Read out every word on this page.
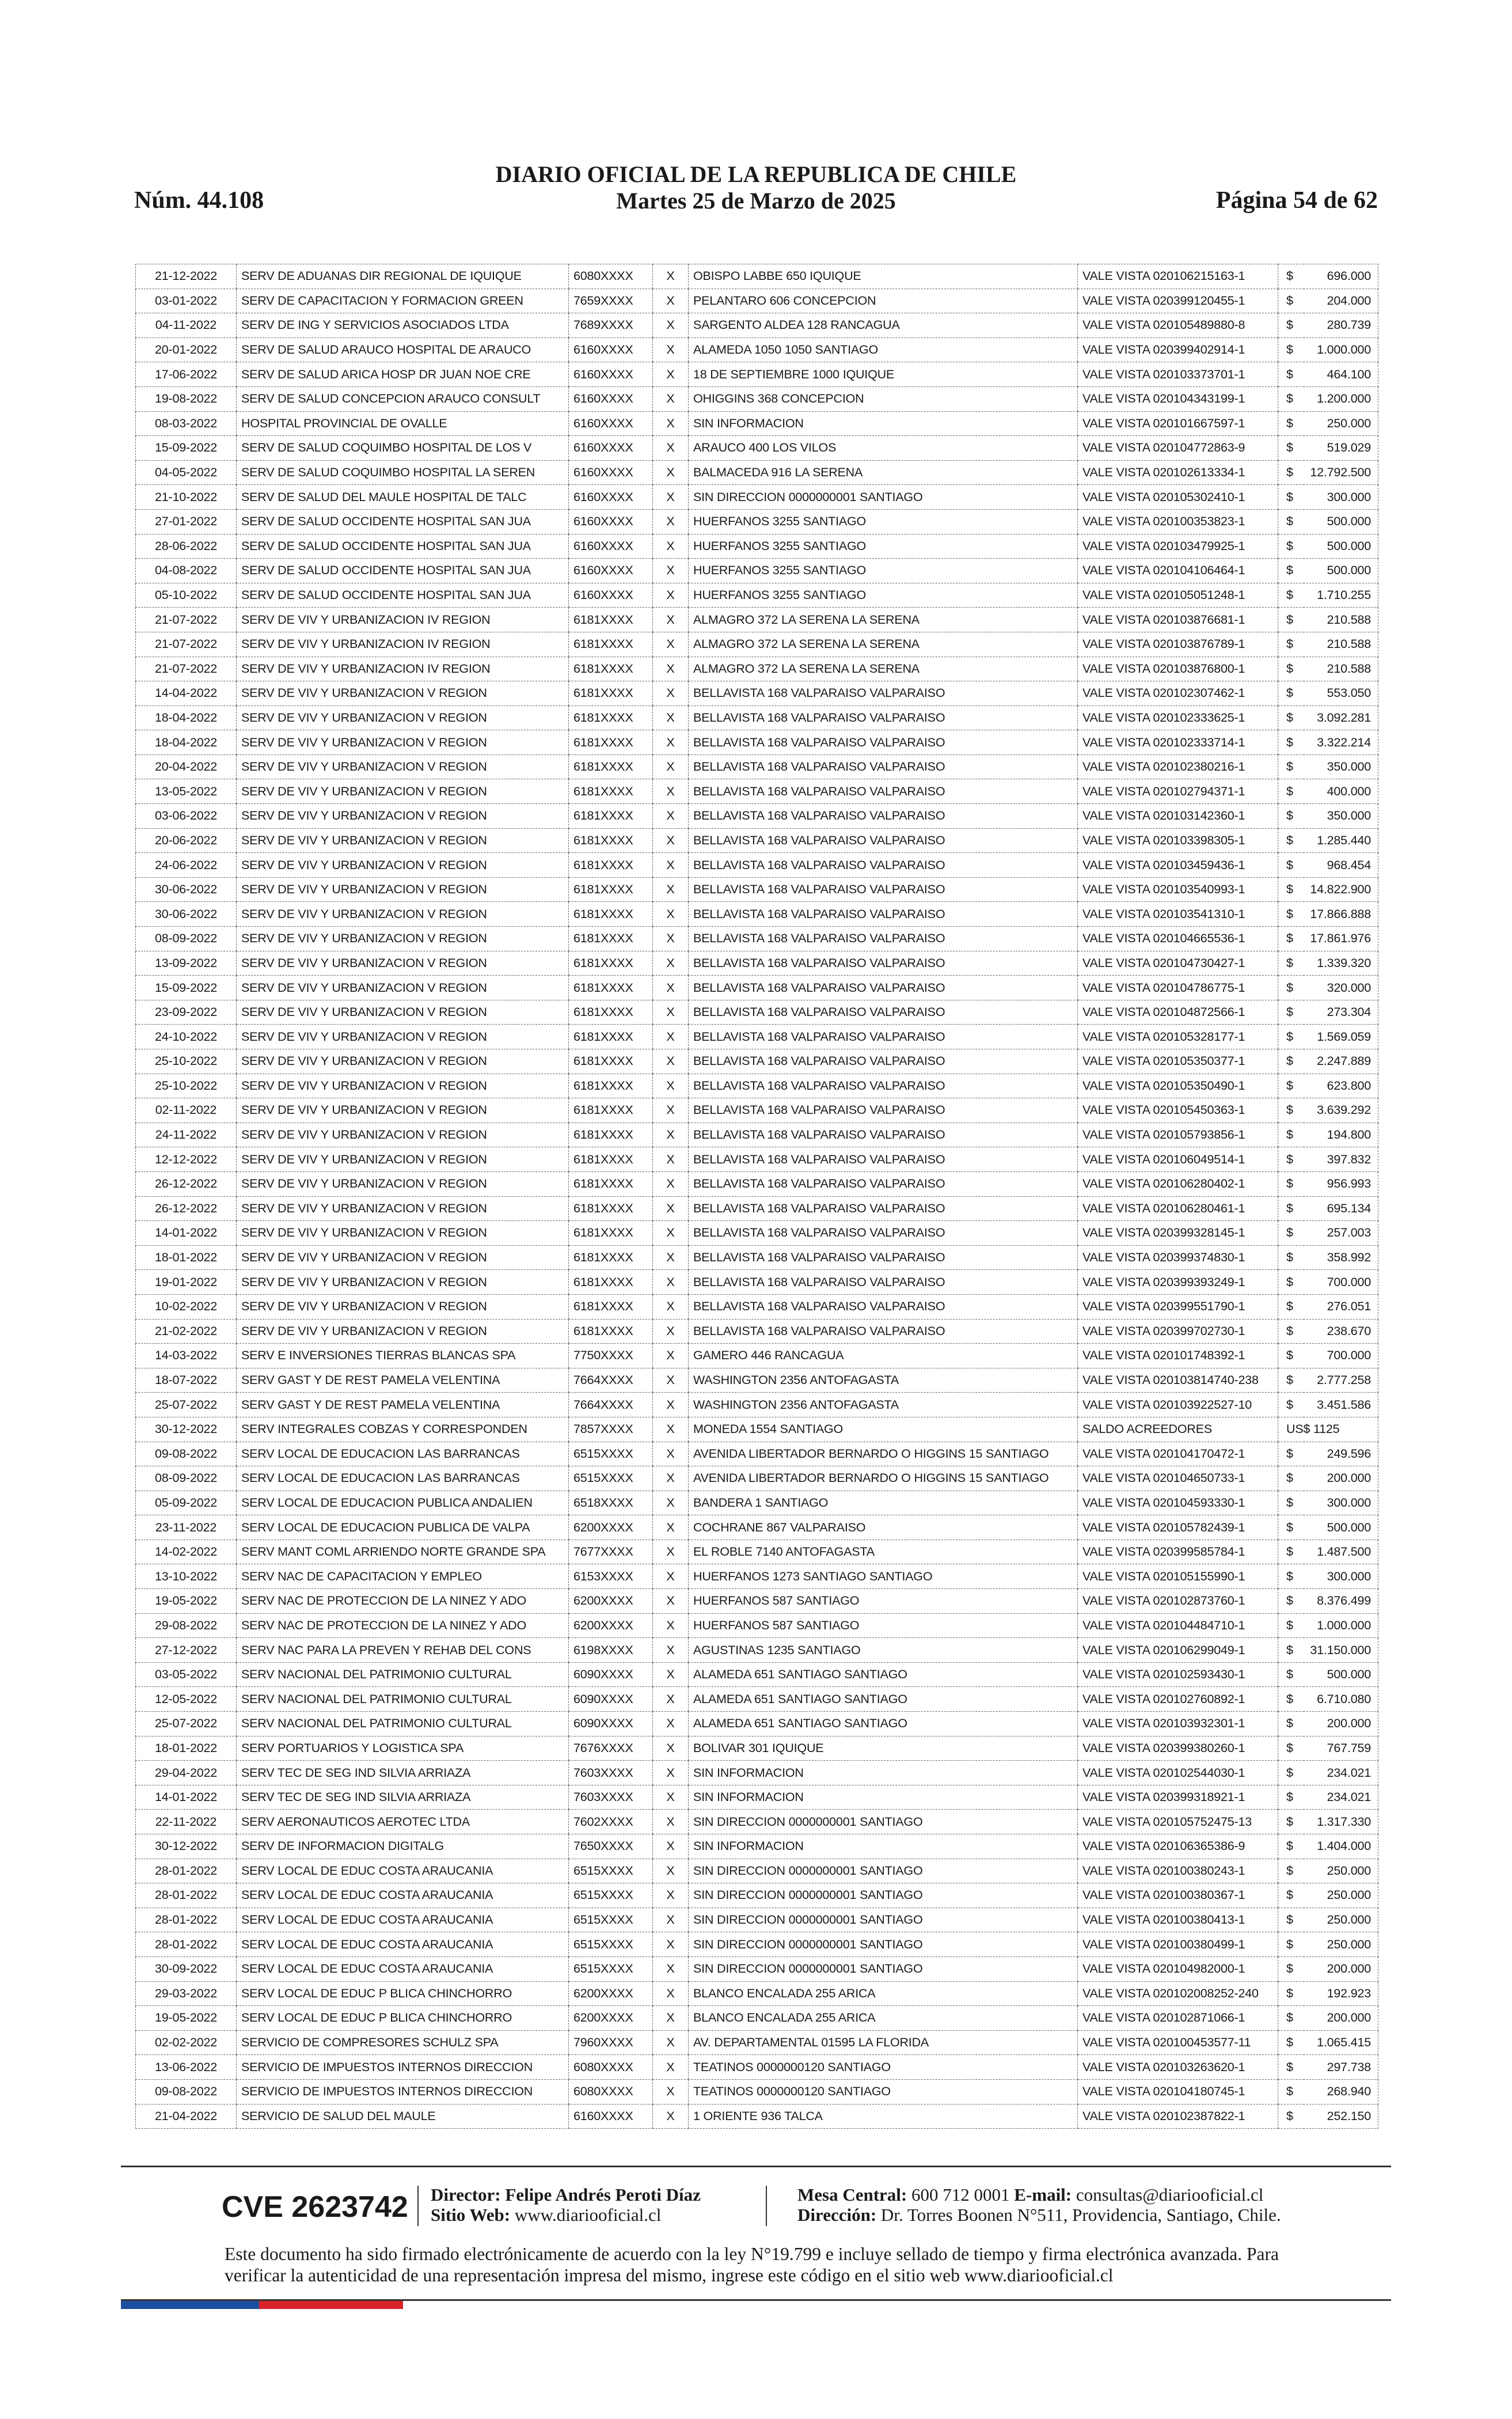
DIARIO OFICIAL DE LA REPUBLICA DE CHILE
Martes 25 de Marzo de 2025
Núm. 44.108	Página 54 de 62
21-12-2022	SERV DE ADUANAS DIR REGIONAL DE IQUIQUE	6080XXXX	X	OBISPO LABBE 650 IQUIQUE	VALE VISTA 020106215163-1	$	696.000
03-01-2022	SERV DE CAPACITACION Y FORMACION GREEN	7659XXXX	X	PELANTARO 606 CONCEPCION	VALE VISTA 020399120455-1	$	204.000
04-11-2022	SERV DE ING Y SERVICIOS ASOCIADOS LTDA	7689XXXX	X	SARGENTO ALDEA 128 RANCAGUA	VALE VISTA 020105489880-8	$	280.739
20-01-2022	SERV DE SALUD ARAUCO HOSPITAL DE ARAUCO	6160XXXX	X	ALAMEDA 1050 1050 SANTIAGO	VALE VISTA 020399402914-1	$	1.000.000
17-06-2022	SERV DE SALUD ARICA HOSP DR JUAN NOE CRE	6160XXXX	X	18 DE SEPTIEMBRE 1000 IQUIQUE	VALE VISTA 020103373701-1	$	464.100
19-08-2022	SERV DE SALUD CONCEPCION ARAUCO CONSULT	6160XXXX	X	OHIGGINS 368 CONCEPCION	VALE VISTA 020104343199-1	$	1.200.000
08-03-2022	HOSPITAL PROVINCIAL DE OVALLE	6160XXXX	X	SIN INFORMACION	VALE VISTA 020101667597-1	$	250.000
15-09-2022	SERV DE SALUD COQUIMBO HOSPITAL DE LOS V	6160XXXX	X	ARAUCO 400 LOS VILOS	VALE VISTA 020104772863-9	$	519.029
04-05-2022	SERV DE SALUD COQUIMBO HOSPITAL LA SEREN	6160XXXX	X	BALMACEDA 916 LA SERENA	VALE VISTA 020102613334-1	$	12.792.500
21-10-2022	SERV DE SALUD DEL MAULE HOSPITAL DE TALC	6160XXXX	X	SIN DIRECCION 0000000001 SANTIAGO	VALE VISTA 020105302410-1	$	300.000
27-01-2022	SERV DE SALUD OCCIDENTE HOSPITAL SAN JUA	6160XXXX	X	HUERFANOS 3255 SANTIAGO	VALE VISTA 020100353823-1	$	500.000
28-06-2022	SERV DE SALUD OCCIDENTE HOSPITAL SAN JUA	6160XXXX	X	HUERFANOS 3255 SANTIAGO	VALE VISTA 020103479925-1	$	500.000
04-08-2022	SERV DE SALUD OCCIDENTE HOSPITAL SAN JUA	6160XXXX	X	HUERFANOS 3255 SANTIAGO	VALE VISTA 020104106464-1	$	500.000
05-10-2022	SERV DE SALUD OCCIDENTE HOSPITAL SAN JUA	6160XXXX	X	HUERFANOS 3255 SANTIAGO	VALE VISTA 020105051248-1	$	1.710.255
21-07-2022	SERV DE VIV Y URBANIZACION IV REGION	6181XXXX	X	ALMAGRO 372 LA SERENA LA SERENA	VALE VISTA 020103876681-1	$	210.588
21-07-2022	SERV DE VIV Y URBANIZACION IV REGION	6181XXXX	X	ALMAGRO 372 LA SERENA LA SERENA	VALE VISTA 020103876789-1	$	210.588
21-07-2022	SERV DE VIV Y URBANIZACION IV REGION	6181XXXX	X	ALMAGRO 372 LA SERENA LA SERENA	VALE VISTA 020103876800-1	$	210.588
14-04-2022	SERV DE VIV Y URBANIZACION V REGION	6181XXXX	X	BELLAVISTA 168 VALPARAISO VALPARAISO	VALE VISTA 020102307462-1	$	553.050
18-04-2022	SERV DE VIV Y URBANIZACION V REGION	6181XXXX	X	BELLAVISTA 168 VALPARAISO VALPARAISO	VALE VISTA 020102333625-1	$	3.092.281
18-04-2022	SERV DE VIV Y URBANIZACION V REGION	6181XXXX	X	BELLAVISTA 168 VALPARAISO VALPARAISO	VALE VISTA 020102333714-1	$	3.322.214
20-04-2022	SERV DE VIV Y URBANIZACION V REGION	6181XXXX	X	BELLAVISTA 168 VALPARAISO VALPARAISO	VALE VISTA 020102380216-1	$	350.000
13-05-2022	SERV DE VIV Y URBANIZACION V REGION	6181XXXX	X	BELLAVISTA 168 VALPARAISO VALPARAISO	VALE VISTA 020102794371-1	$	400.000
03-06-2022	SERV DE VIV Y URBANIZACION V REGION	6181XXXX	X	BELLAVISTA 168 VALPARAISO VALPARAISO	VALE VISTA 020103142360-1	$	350.000
20-06-2022	SERV DE VIV Y URBANIZACION V REGION	6181XXXX	X	BELLAVISTA 168 VALPARAISO VALPARAISO	VALE VISTA 020103398305-1	$	1.285.440
24-06-2022	SERV DE VIV Y URBANIZACION V REGION	6181XXXX	X	BELLAVISTA 168 VALPARAISO VALPARAISO	VALE VISTA 020103459436-1	$	968.454
30-06-2022	SERV DE VIV Y URBANIZACION V REGION	6181XXXX	X	BELLAVISTA 168 VALPARAISO VALPARAISO	VALE VISTA 020103540993-1	$	14.822.900
30-06-2022	SERV DE VIV Y URBANIZACION V REGION	6181XXXX	X	BELLAVISTA 168 VALPARAISO VALPARAISO	VALE VISTA 020103541310-1	$	17.866.888
08-09-2022	SERV DE VIV Y URBANIZACION V REGION	6181XXXX	X	BELLAVISTA 168 VALPARAISO VALPARAISO	VALE VISTA 020104665536-1	$	17.861.976
13-09-2022	SERV DE VIV Y URBANIZACION V REGION	6181XXXX	X	BELLAVISTA 168 VALPARAISO VALPARAISO	VALE VISTA 020104730427-1	$	1.339.320
15-09-2022	SERV DE VIV Y URBANIZACION V REGION	6181XXXX	X	BELLAVISTA 168 VALPARAISO VALPARAISO	VALE VISTA 020104786775-1	$	320.000
23-09-2022	SERV DE VIV Y URBANIZACION V REGION	6181XXXX	X	BELLAVISTA 168 VALPARAISO VALPARAISO	VALE VISTA 020104872566-1	$	273.304
24-10-2022	SERV DE VIV Y URBANIZACION V REGION	6181XXXX	X	BELLAVISTA 168 VALPARAISO VALPARAISO	VALE VISTA 020105328177-1	$	1.569.059
25-10-2022	SERV DE VIV Y URBANIZACION V REGION	6181XXXX	X	BELLAVISTA 168 VALPARAISO VALPARAISO	VALE VISTA 020105350377-1	$	2.247.889
25-10-2022	SERV DE VIV Y URBANIZACION V REGION	6181XXXX	X	BELLAVISTA 168 VALPARAISO VALPARAISO	VALE VISTA 020105350490-1	$	623.800
02-11-2022	SERV DE VIV Y URBANIZACION V REGION	6181XXXX	X	BELLAVISTA 168 VALPARAISO VALPARAISO	VALE VISTA 020105450363-1	$	3.639.292
24-11-2022	SERV DE VIV Y URBANIZACION V REGION	6181XXXX	X	BELLAVISTA 168 VALPARAISO VALPARAISO	VALE VISTA 020105793856-1	$	194.800
12-12-2022	SERV DE VIV Y URBANIZACION V REGION	6181XXXX	X	BELLAVISTA 168 VALPARAISO VALPARAISO	VALE VISTA 020106049514-1	$	397.832
26-12-2022	SERV DE VIV Y URBANIZACION V REGION	6181XXXX	X	BELLAVISTA 168 VALPARAISO VALPARAISO	VALE VISTA 020106280402-1	$	956.993
26-12-2022	SERV DE VIV Y URBANIZACION V REGION	6181XXXX	X	BELLAVISTA 168 VALPARAISO VALPARAISO	VALE VISTA 020106280461-1	$	695.134
14-01-2022	SERV DE VIV Y URBANIZACION V REGION	6181XXXX	X	BELLAVISTA 168 VALPARAISO VALPARAISO	VALE VISTA 020399328145-1	$	257.003
18-01-2022	SERV DE VIV Y URBANIZACION V REGION	6181XXXX	X	BELLAVISTA 168 VALPARAISO VALPARAISO	VALE VISTA 020399374830-1	$	358.992
19-01-2022	SERV DE VIV Y URBANIZACION V REGION	6181XXXX	X	BELLAVISTA 168 VALPARAISO VALPARAISO	VALE VISTA 020399393249-1	$	700.000
10-02-2022	SERV DE VIV Y URBANIZACION V REGION	6181XXXX	X	BELLAVISTA 168 VALPARAISO VALPARAISO	VALE VISTA 020399551790-1	$	276.051
21-02-2022	SERV DE VIV Y URBANIZACION V REGION	6181XXXX	X	BELLAVISTA 168 VALPARAISO VALPARAISO	VALE VISTA 020399702730-1	$	238.670
14-03-2022	SERV E INVERSIONES TIERRAS BLANCAS SPA	7750XXXX	X	GAMERO 446 RANCAGUA	VALE VISTA 020101748392-1	$	700.000
18-07-2022	SERV GAST Y DE REST PAMELA VELENTINA	7664XXXX	X	WASHINGTON 2356 ANTOFAGASTA	VALE VISTA 020103814740-238	$	2.777.258
25-07-2022	SERV GAST Y DE REST PAMELA VELENTINA	7664XXXX	X	WASHINGTON 2356 ANTOFAGASTA	VALE VISTA 020103922527-10	$	3.451.586
30-12-2022	SERV INTEGRALES COBZAS Y CORRESPONDEN	7857XXXX	X	MONEDA 1554 SANTIAGO	SALDO ACREEDORES	US$ 1125	
09-08-2022	SERV LOCAL DE EDUCACION LAS BARRANCAS	6515XXXX	X	AVENIDA LIBERTADOR BERNARDO O HIGGINS 15 SANTIAGO	VALE VISTA 020104170472-1	$	249.596
08-09-2022	SERV LOCAL DE EDUCACION LAS BARRANCAS	6515XXXX	X	AVENIDA LIBERTADOR BERNARDO O HIGGINS 15 SANTIAGO	VALE VISTA 020104650733-1	$	200.000
05-09-2022	SERV LOCAL DE EDUCACION PUBLICA ANDALIEN	6518XXXX	X	BANDERA 1 SANTIAGO	VALE VISTA 020104593330-1	$	300.000
23-11-2022	SERV LOCAL DE EDUCACION PUBLICA DE VALPA	6200XXXX	X	COCHRANE 867 VALPARAISO	VALE VISTA 020105782439-1	$	500.000
14-02-2022	SERV MANT COML ARRIENDO NORTE GRANDE SPA	7677XXXX	X	EL ROBLE 7140 ANTOFAGASTA	VALE VISTA 020399585784-1	$	1.487.500
13-10-2022	SERV NAC DE CAPACITACION Y EMPLEO	6153XXXX	X	HUERFANOS 1273 SANTIAGO SANTIAGO	VALE VISTA 020105155990-1	$	300.000
19-05-2022	SERV NAC DE PROTECCION DE LA NINEZ Y ADO	6200XXXX	X	HUERFANOS 587 SANTIAGO	VALE VISTA 020102873760-1	$	8.376.499
29-08-2022	SERV NAC DE PROTECCION DE LA NINEZ Y ADO	6200XXXX	X	HUERFANOS 587 SANTIAGO	VALE VISTA 020104484710-1	$	1.000.000
27-12-2022	SERV NAC PARA LA PREVEN Y REHAB DEL CONS	6198XXXX	X	AGUSTINAS 1235 SANTIAGO	VALE VISTA 020106299049-1	$	31.150.000
03-05-2022	SERV NACIONAL DEL PATRIMONIO CULTURAL	6090XXXX	X	ALAMEDA 651 SANTIAGO SANTIAGO	VALE VISTA 020102593430-1	$	500.000
12-05-2022	SERV NACIONAL DEL PATRIMONIO CULTURAL	6090XXXX	X	ALAMEDA 651 SANTIAGO SANTIAGO	VALE VISTA 020102760892-1	$	6.710.080
25-07-2022	SERV NACIONAL DEL PATRIMONIO CULTURAL	6090XXXX	X	ALAMEDA 651 SANTIAGO SANTIAGO	VALE VISTA 020103932301-1	$	200.000
18-01-2022	SERV PORTUARIOS Y LOGISTICA SPA	7676XXXX	X	BOLIVAR 301 IQUIQUE	VALE VISTA 020399380260-1	$	767.759
29-04-2022	SERV TEC DE SEG IND SILVIA ARRIAZA	7603XXXX	X	SIN INFORMACION	VALE VISTA 020102544030-1	$	234.021
14-01-2022	SERV TEC DE SEG IND SILVIA ARRIAZA	7603XXXX	X	SIN INFORMACION	VALE VISTA 020399318921-1	$	234.021
22-11-2022	SERV AERONAUTICOS AEROTEC LTDA	7602XXXX	X	SIN DIRECCION 0000000001 SANTIAGO	VALE VISTA 020105752475-13	$	1.317.330
30-12-2022	SERV DE INFORMACION DIGITALG	7650XXXX	X	SIN INFORMACION	VALE VISTA 020106365386-9	$	1.404.000
28-01-2022	SERV LOCAL DE EDUC COSTA ARAUCANIA	6515XXXX	X	SIN DIRECCION 0000000001 SANTIAGO	VALE VISTA 020100380243-1	$	250.000
28-01-2022	SERV LOCAL DE EDUC COSTA ARAUCANIA	6515XXXX	X	SIN DIRECCION 0000000001 SANTIAGO	VALE VISTA 020100380367-1	$	250.000
28-01-2022	SERV LOCAL DE EDUC COSTA ARAUCANIA	6515XXXX	X	SIN DIRECCION 0000000001 SANTIAGO	VALE VISTA 020100380413-1	$	250.000
28-01-2022	SERV LOCAL DE EDUC COSTA ARAUCANIA	6515XXXX	X	SIN DIRECCION 0000000001 SANTIAGO	VALE VISTA 020100380499-1	$	250.000
30-09-2022	SERV LOCAL DE EDUC COSTA ARAUCANIA	6515XXXX	X	SIN DIRECCION 0000000001 SANTIAGO	VALE VISTA 020104982000-1	$	200.000
29-03-2022	SERV LOCAL DE EDUC P BLICA CHINCHORRO	6200XXXX	X	BLANCO ENCALADA 255 ARICA	VALE VISTA 020102008252-240	$	192.923
19-05-2022	SERV LOCAL DE EDUC P BLICA CHINCHORRO	6200XXXX	X	BLANCO ENCALADA 255 ARICA	VALE VISTA 020102871066-1	$	200.000
02-02-2022	SERVICIO DE COMPRESORES SCHULZ SPA	7960XXXX	X	AV. DEPARTAMENTAL 01595 LA FLORIDA	VALE VISTA 020100453577-11	$	1.065.415
13-06-2022	SERVICIO DE IMPUESTOS INTERNOS DIRECCION	6080XXXX	X	TEATINOS 0000000120 SANTIAGO	VALE VISTA 020103263620-1	$	297.738
09-08-2022	SERVICIO DE IMPUESTOS INTERNOS DIRECCION	6080XXXX	X	TEATINOS 0000000120 SANTIAGO	VALE VISTA 020104180745-1	$	268.940
21-04-2022	SERVICIO DE SALUD DEL MAULE	6160XXXX	X	1 ORIENTE 936 TALCA	VALE VISTA 020102387822-1	$	252.150
CVE 2623742 Director: Felipe Andrés Peroti Díaz
Sitio Web: www.diariooficial.cl
Mesa Central: 600 712 0001 E-mail: consultas@diariooficial.cl
Dirección: Dr. Torres Boonen N°511, Providencia, Santiago, Chile.
Este documento ha sido firmado electrónicamente de acuerdo con la ley N°19.799 e incluye sellado de tiempo y firma electrónica avanzada. Para verificar la autenticidad de una representación impresa del mismo, ingrese este código en el sitio web www.diariooficial.cl
